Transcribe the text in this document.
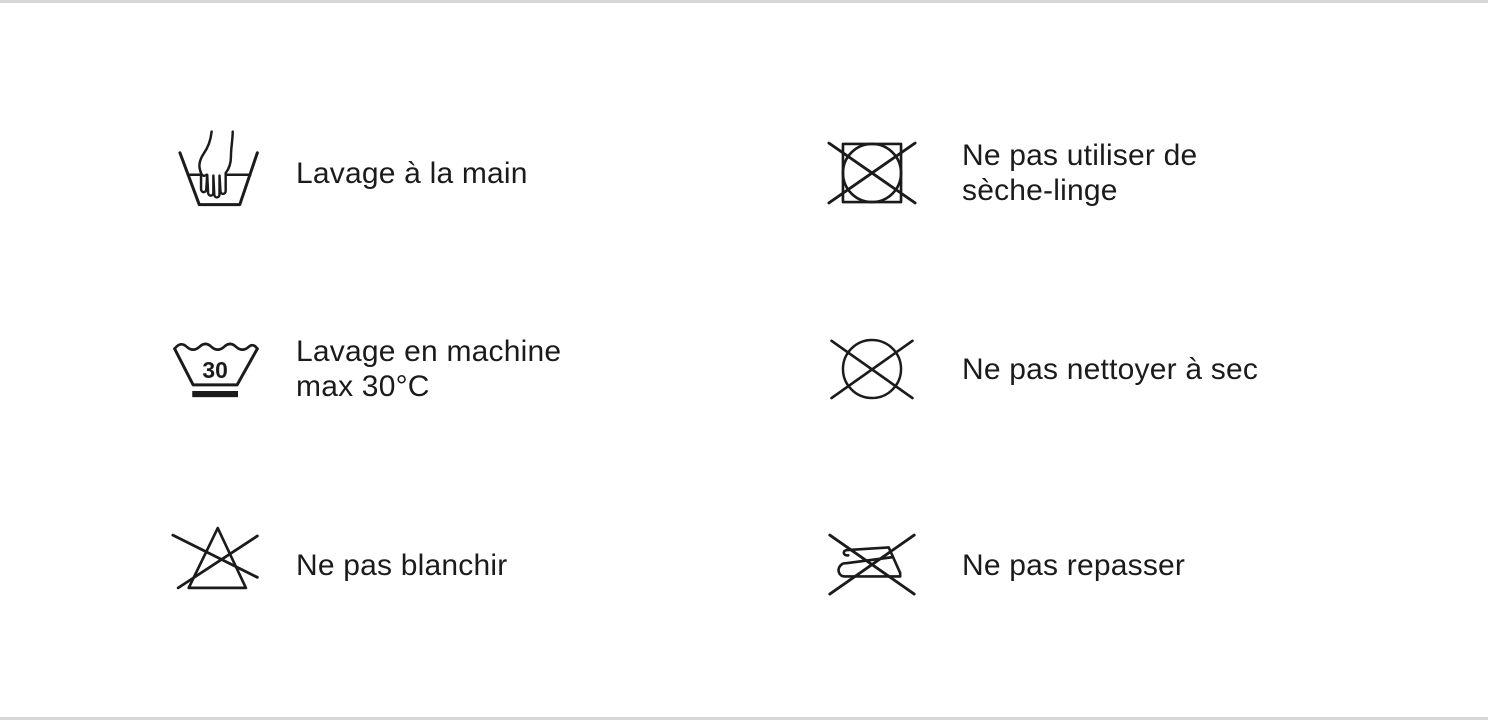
Lavage à la main
Ne pas utiliser de sèche-linge
30
Lavage en machine max 30°C
Ne pas nettoyer à sec
Ne pas blanchir	Ne pas repasser
